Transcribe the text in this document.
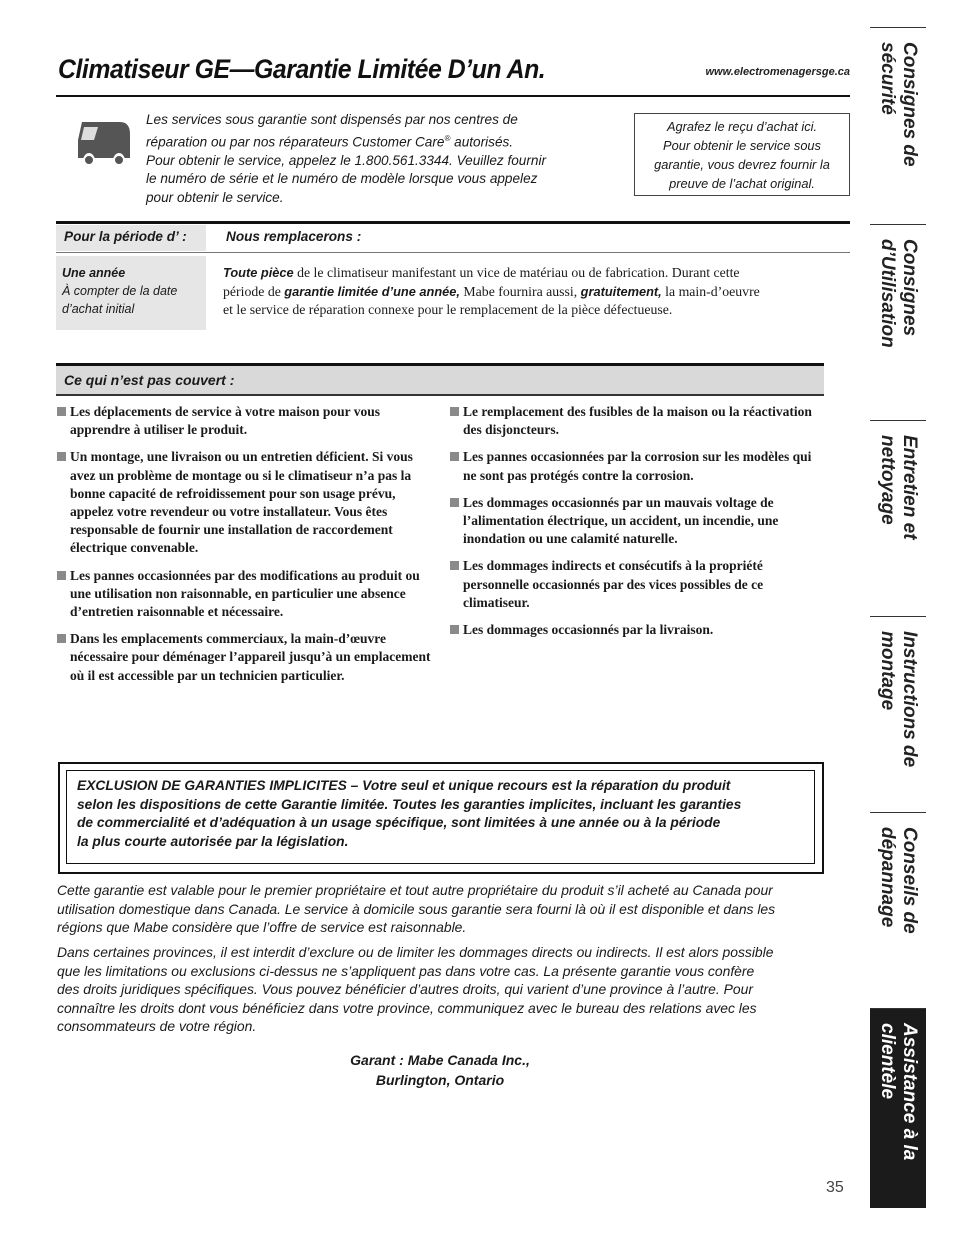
Climatiseur GE—Garantie Limitée D’un An.	www.electromenagersge.ca
Les services sous garantie sont dispensés par nos centres de
réparation ou par nos réparateurs Customer Care® autorisés.
Pour obtenir le service, appelez le 1.800.561.3344. Veuillez fournir
le numéro de série et le numéro de modèle lorsque vous appelez
pour obtenir le service.
Agrafez le reçu d’achat ici.
Pour obtenir le service sous
garantie, vous devrez fournir la
preuve de l’achat original.
Pour la période d’ :	Nous remplacerons :
Une année
À compter de la date
d’achat initial
Toute pièce de le climatiseur manifestant un vice de matériau ou de fabrication. Durant cette
période de garantie limitée d’une année, Mabe fournira aussi, gratuitement, la main-d’oeuvre
et le service de réparation connexe pour le remplacement de la pièce défectueuse.
Ce qui n’est pas couvert :
Les déplacements de service à votre maison pour vous apprendre à utiliser le produit.
Un montage, une livraison ou un entretien déficient. Si vous avez un problème de montage ou si le climatiseur n’a pas la bonne capacité de refroidissement pour son usage prévu, appelez votre revendeur ou votre installateur. Vous êtes responsable de fournir une installation de raccordement électrique convenable.
Les pannes occasionnées par des modifications au produit ou une utilisation non raisonnable, en particulier une absence d’entretien raisonnable et nécessaire.
Dans les emplacements commerciaux, la main-d’œuvre nécessaire pour déménager l’appareil jusqu’à un emplacement où il est accessible par un technicien particulier.
Le remplacement des fusibles de la maison ou la réactivation des disjoncteurs.
Les pannes occasionnées par la corrosion sur les modèles qui ne sont pas protégés contre la corrosion.
Les dommages occasionnés par un mauvais voltage de l’alimentation électrique, un accident, un incendie, une inondation ou une calamité naturelle.
Les dommages indirects et consécutifs à la propriété personnelle occasionnés par des vices possibles de ce climatiseur.
Les dommages occasionnés par la livraison.
EXCLUSION DE GARANTIES IMPLICITES – Votre seul et unique recours est la réparation du produit
selon les dispositions de cette Garantie limitée. Toutes les garanties implicites, incluant les garanties
de commercialité et d’adéquation à un usage spécifique, sont limitées à une année ou à la période
la plus courte autorisée par la législation.
Cette garantie est valable pour le premier propriétaire et tout autre propriétaire du produit s’il acheté au Canada pour
utilisation domestique dans Canada. Le service à domicile sous garantie sera fourni là où il est disponible et dans les
régions que Mabe considère que l’offre de service est raisonnable.
Dans certaines provinces, il est interdit d’exclure ou de limiter les dommages directs ou indirects. Il est alors possible
que les limitations ou exclusions ci-dessus ne s’appliquent pas dans votre cas. La présente garantie vous confère
des droits juridiques spécifiques. Vous pouvez bénéficier d’autres droits, qui varient d’une province à l’autre. Pour
connaître les droits dont vous bénéficiez dans votre province, communiquez avec le bureau des relations avec les
consommateurs de votre région.
Garant : Mabe Canada Inc.,
Burlington, Ontario
35
Consignes de
sécurité
Consignes
d’Utilisation
Entretien et
nettoyage
Instructions de
montage
Conseils de
dépannage
Assistance à la
clientèle
